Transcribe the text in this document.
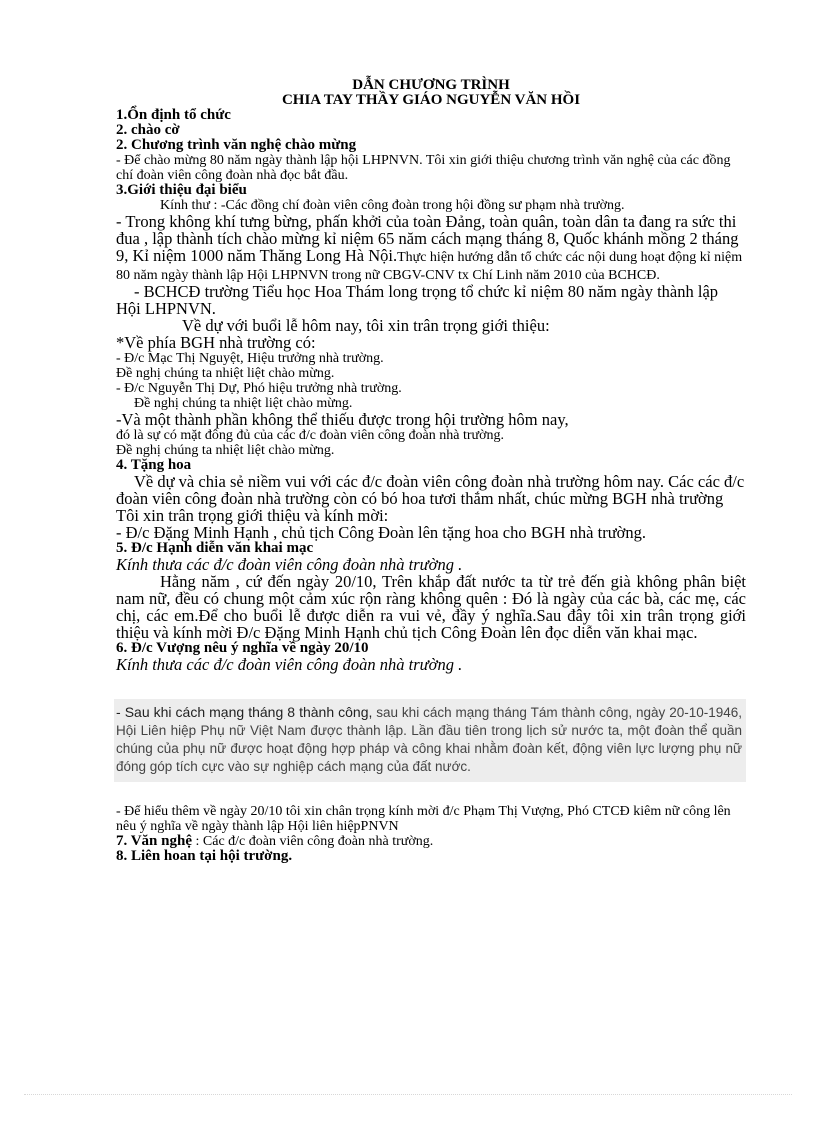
DẪN CHƯƠNG TRÌNH

CHIA TAY THẦY GIÁO NGUYỄN VĂN HỒI

1.Ổn định tổ chức

2. chào cờ

2. Chương trình văn nghệ chào mừng

- Để chào mừng 80 năm ngày thành lập hội LHPNVN. Tôi xin giới thiệu chương trình văn nghệ của các đồng chí đoàn viên công đoàn nhà đọc bắt đầu.

3.Giới thiệu đại biểu

Kính thư : -Các đồng chí đoàn viên công đoàn trong hội đồng sư phạm nhà trường.

- Trong không khí tưng bừng, phấn khởi của toàn Đảng, toàn quân, toàn dân ta đang ra sức thi đua , lập thành tích chào mừng kỉ niệm 65 năm cách mạng tháng 8, Quốc khánh mồng 2 tháng 9, Kỉ niệm 1000 năm Thăng Long Hà Nội.Thực hiện hướng dẫn tổ chức các nội dung hoạt động kỉ niệm 80 năm ngày thành lập Hội LHPNVN trong nữ CBGV-CNV tx Chí Linh năm 2010 của BCHCĐ.

- BCHCĐ trường Tiểu học Hoa Thám long trọng tổ chức kỉ niệm 80 năm ngày thành lập Hội LHPNVN.

Về dự với buổi lễ hôm nay, tôi xin trân trọng giới thiệu:

*Về phía BGH nhà trường có:

- Đ/c Mạc Thị Nguyệt, Hiệu trưởng nhà trường.

Đề nghị chúng ta nhiệt liệt chào mừng.

- Đ/c Nguyễn Thị Dự, Phó hiệu trưởng nhà trường.

Đề nghị chúng ta nhiệt liệt chào mừng.

-Và một thành phần không thể thiếu được trong hội trường hôm nay,

đó là sự có mặt đông đủ của các đ/c đoàn viên công đoàn nhà trường.

Đề nghị chúng ta nhiệt liệt chào mừng.

4. Tặng hoa

Về dự và chia sẻ niềm vui với các đ/c đoàn viên công đoàn nhà trường hôm nay. Các các đ/c đoàn viên công đoàn nhà trường còn có bó hoa tươi thắm nhất, chúc mừng BGH nhà trường

Tôi xin trân trọng giới thiệu và kính mời:

- Đ/c Đặng Minh Hạnh , chủ tịch Công Đoàn lên tặng hoa cho BGH nhà trường.

5. Đ/c Hạnh diễn văn khai mạc

Kính thưa các đ/c đoàn viên công đoàn nhà trường .

Hằng năm , cứ đến ngày 20/10, Trên khắp đất nước ta từ trẻ đến già không phân biệt nam nữ, đều có chung một cảm xúc rộn ràng không quên : Đó là ngày của các bà, các mẹ, các chị, các em.Để cho buổi lễ được diễn ra vui vẻ, đầy ý nghĩa.Sau đây tôi xin trân trọng giới thiệu và kính mời Đ/c Đặng Minh Hạnh chủ tịch Công Đoàn lên đọc diễn văn khai mạc.

6. Đ/c Vượng nêu ý nghĩa về ngày 20/10

Kính thưa các đ/c đoàn viên công đoàn nhà trường .

- Sau khi cách mạng tháng 8 thành công, sau khi cách mạng tháng Tám thành công, ngày 20-10-1946, Hội Liên hiệp Phụ nữ Việt Nam được thành lập. Lần đầu tiên trong lịch sử nước ta, một đoàn thể quần chúng của phụ nữ được hoạt động hợp pháp và công khai nhằm đoàn kết, động viên lực lượng phụ nữ đóng góp tích cực vào sự nghiệp cách mạng của đất nước.

- Để hiểu thêm về ngày 20/10 tôi xin chân trọng kính mời đ/c Phạm Thị Vượng, Phó CTCĐ kiêm nữ công lên nêu ý nghĩa về ngày thành lập Hội liên hiệpPNVN

7. Văn nghệ : Các đ/c đoàn viên công đoàn nhà trường.

8. Liên hoan tại hội trường.
